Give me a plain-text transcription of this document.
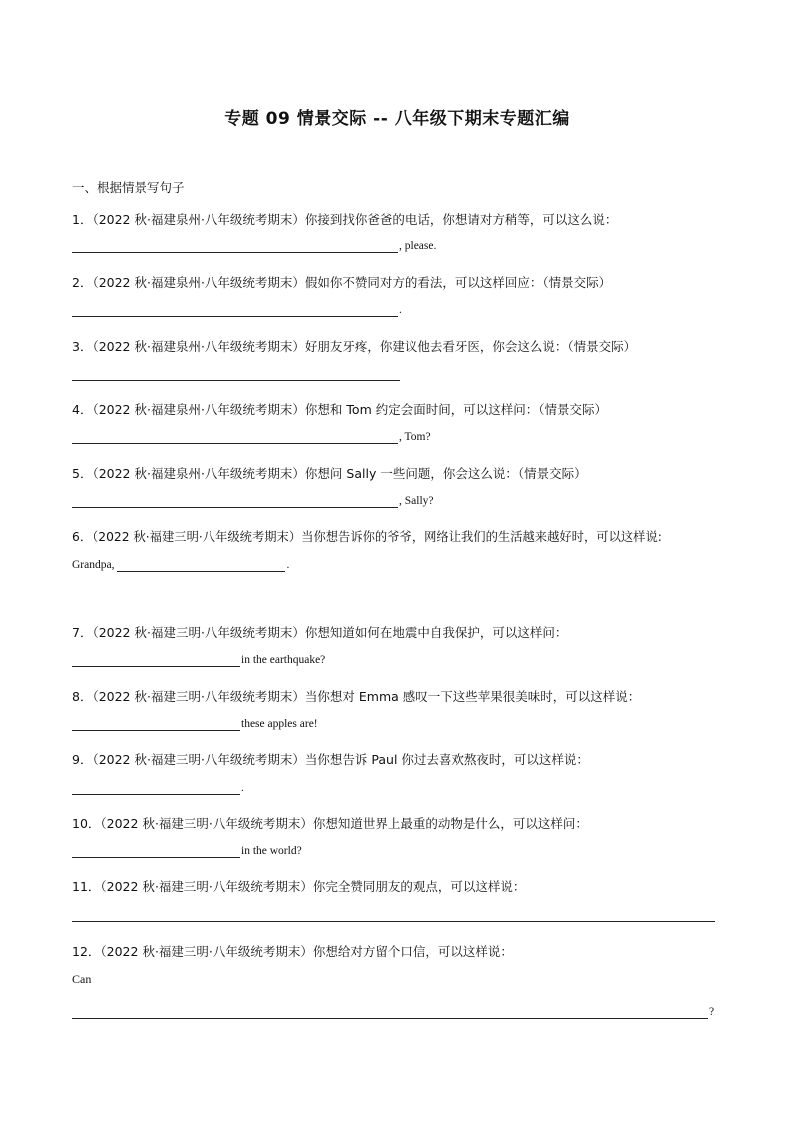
专题 09 情景交际 -- 八年级下期末专题汇编
一、根据情景写句子
1．（2022 秋·福建泉州·八年级统考期末）你接到找你爸爸的电话，你想请对方稍等，可以这么说：
, please.
2．（2022 秋·福建泉州·八年级统考期末）假如你不赞同对方的看法，可以这样回应：（情景交际）
.
3．（2022 秋·福建泉州·八年级统考期末）好朋友牙疼，你建议他去看牙医，你会这么说：（情景交际）
4．（2022 秋·福建泉州·八年级统考期末）你想和 Tom 约定会面时间，可以这样问：（情景交际）
, Tom?
5．（2022 秋·福建泉州·八年级统考期末）你想问 Sally 一些问题，你会这么说：（情景交际）
, Sally?
6．（2022 秋·福建三明·八年级统考期末）当你想告诉你的爷爷，网络让我们的生活越来越好时，可以这样说:
Grandpa,	.
7．（2022 秋·福建三明·八年级统考期末）你想知道如何在地震中自我保护，可以这样问：
in the earthquake?
8．（2022 秋·福建三明·八年级统考期末）当你想对 Emma 感叹一下这些苹果很美味时，可以这样说：
these apples are!
9．（2022 秋·福建三明·八年级统考期末）当你想告诉 Paul 你过去喜欢熬夜时，可以这样说：
.
10．（2022 秋·福建三明·八年级统考期末）你想知道世界上最重的动物是什么，可以这样问：
in the world?
11．（2022 秋·福建三明·八年级统考期末）你完全赞同朋友的观点，可以这样说：
12．（2022 秋·福建三明·八年级统考期末）你想给对方留个口信，可以这样说：
Can
?
